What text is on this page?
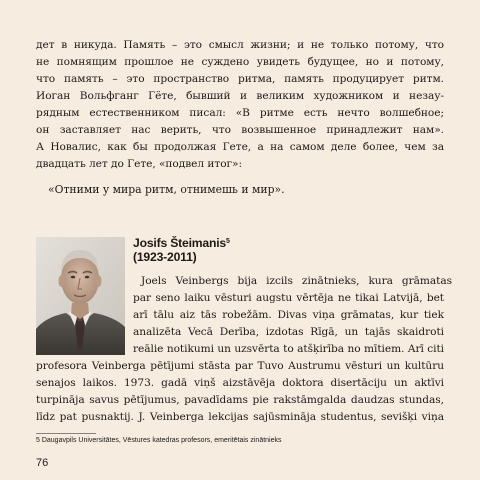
дет в никуда. Память – это смысл жизни; и не только потому, что
не помнящим прошлое не суждено увидеть будущее, но и потому,
что память – это пространство ритма, память продуцирует ритм.
Иоган Вольфганг Гёте, бывший и великим художником и незау-
рядным естественником писал: «В ритме есть нечто волшебное;
он заставляет нас верить, что возвышенное принадлежит нам».
А Новалис, как бы продолжая Гете, а на самом деле более, чем за
двадцать лет до Гете, «подвел итог»:

«Отними у мира ритм, отнимешь и мир».

Josifs Šteimanis$^5$
(1923-2011)

Joels Veinbergs bija izcils zinātnieks, kura grāmatas
par seno laiku vēsturi augstu vērtēja ne tikai Latvijā, bet
arī tālu aiz tās robežām. Divas viņa grāmatas, kur tiek
analizēta Vecā Derība, izdotas Rīgā, un tajās skaidroti
reālie notikumi un uzsvērta to atšķirība no mītiem. Arī citi
profesora Veinberga pētījumi stāsta par Tuvo Austrumu vēsturi un kultūru
senajos laikos. 1973. gadā viņš aizstāvēja doktora disertāciju un aktīvi
turpināja savus pētījumus, pavadīdams pie rakstāmgalda daudzas stundas,
līdz pat pusnaktij. J. Veinberga lekcijas sajūsmināja studentus, sevišķi viņa

5 Daugavpils Universitātes, Vēstures katedras profesors, emeritētais zinātnieks

76
